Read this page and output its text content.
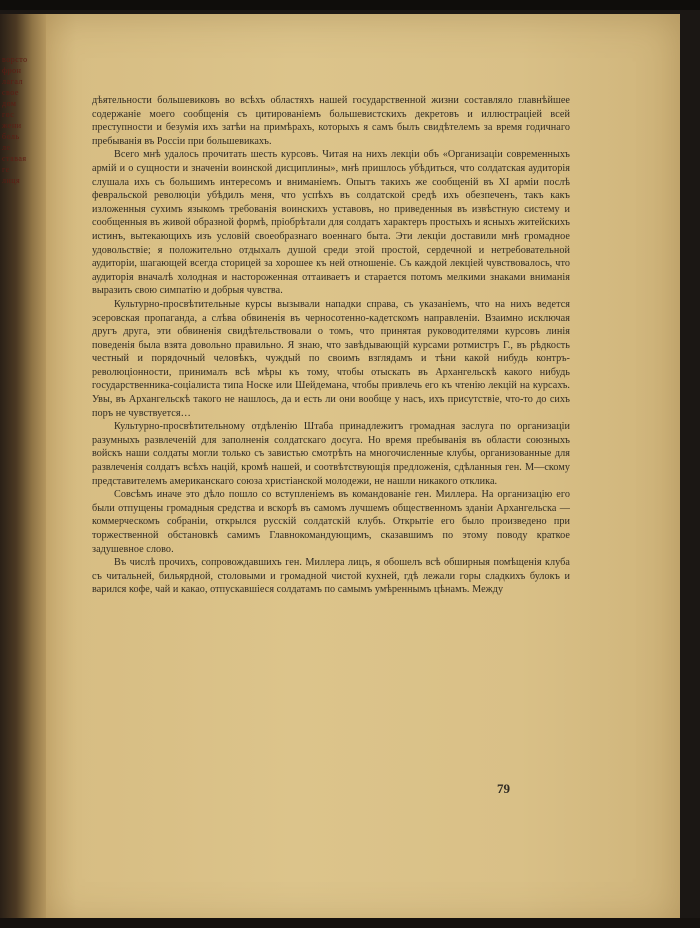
ворсто
фрон
лагал
свое
дом
гос
жени
боль
ле
ставая
ге
лиця

дѣятельности большевиковъ во всѣхъ областяхъ нашей государственной жизни составляло главнѣйшее содержаніе моего сообщенія съ цитированіемъ большевистскихъ декретовъ и иллюстраціей всей преступности и безумія ихъ затѣи на примѣрахъ, которыхъ я самъ былъ свидѣтелемъ за время годичнаго пребыванія въ Россіи при большевикахъ.

Всего мнѣ удалось прочитать шесть курсовъ. Читая на нихъ лекціи объ «Организаціи современныхъ армій и о сущности и значеніи воинской дисциплины», мнѣ пришлось убѣдиться, что солдатская аудиторія слушала ихъ съ большимъ интересомъ и вниманіемъ. Опытъ такихъ же сообщеній въ XI арміи послѣ февральской революціи убѣдилъ меня, что успѣхъ въ солдатской средѣ ихъ обезпеченъ, такъ какъ изложенныя сухимъ языкомъ требованія воинскихъ уставовъ, но приведенныя въ извѣстную систему и сообщенныя въ живой образной формѣ, пріобрѣтали для солдатъ характеръ простыхъ и ясныхъ житейскихъ истинъ, вытекающихъ изъ условій своеобразнаго военнаго быта. Эти лекціи доставили мнѣ громадное удовольствіе; я положительно отдыхалъ душой среди этой простой, сердечной и нетребовательной аудиторіи, шагающей всегда сторицей за хорошее къ ней отношеніе. Съ каждой лекціей чувствовалось, что аудиторія вначалѣ холодная и настороженная оттаиваетъ и старается потомъ мелкими знаками вниманія выразить свою симпатію и добрыя чувства.

Культурно-просвѣтительные курсы вызывали нападки справа, съ указаніемъ, что на нихъ ведется эсеровская пропаганда, а слѣва обвиненія въ черносотенно-кадетскомъ направленіи. Взаимно исключая другъ друга, эти обвиненія свидѣтельствовали о томъ, что принятая руководителями курсовъ линія поведенія была взята довольно правильно. Я знаю, что завѣдывающій курсами ротмистръ Г., въ рѣдкость честный и порядочный человѣкъ, чуждый по своимъ взглядамъ и тѣни какой нибудь контръ-революціонности, принималъ всѣ мѣры къ тому, чтобы отыскать въ Архангельскѣ какого нибудь государственника-соціалиста типа Носке или Шейдемана, чтобы привлечь его къ чтенію лекцій на курсахъ. Увы, въ Архангельскѣ такого не нашлось, да и есть ли они вообще у насъ, ихъ присутствіе, что-то до сихъ поръ не чувствуется…

Культурно-просвѣтительному отдѣленію Штаба принадлежитъ громадная заслуга по организаціи разумныхъ развлеченій для заполненія солдатскаго досуга. Но время пребыванія въ области союзныхъ войскъ наши солдаты могли только съ завистью смотрѣть на многочисленные клубы, организованные для развлеченія солдатъ всѣхъ націй, кромѣ нашей, и соотвѣтствующія предложенія, сдѣланныя ген. М—скому представителемъ американскаго союза христіанской молодежи, не нашли никакого отклика.

Совсѣмъ иначе это дѣло пошло со вступленіемъ въ командованіе ген. Миллера. На организацію его были отпущены громадныя средства и вскорѣ въ самомъ лучшемъ общественномъ зданіи Архангельска — коммерческомъ собраніи, открылся русскій солдатскій клубъ. Открытіе его было произведено при торжественной обстановкѣ самимъ Главнокомандующимъ, сказавшимъ по этому поводу краткое задушевное слово.

Въ числѣ прочихъ, сопровождавшихъ ген. Миллера лицъ, я обошелъ всѣ обширныя помѣщенія клуба съ читальней, бильярдной, столовыми и громадной чистой кухней, гдѣ лежали горы сладкихъ булокъ и варился кофе, чай и какао, отпускавшіеся солдатамъ по самымъ умѣреннымъ цѣнамъ. Между

79
